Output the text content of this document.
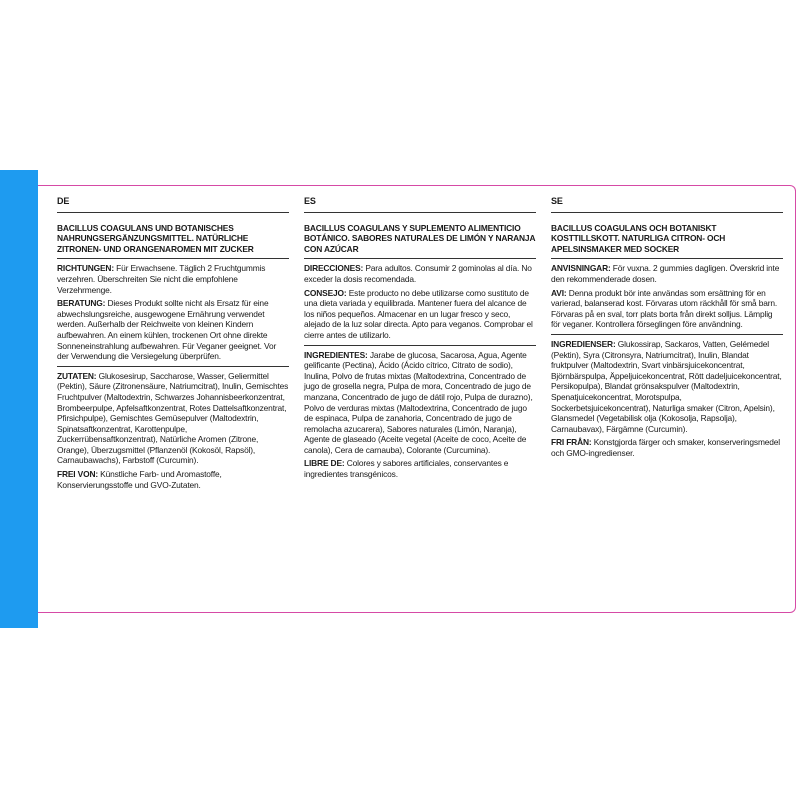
DE
BACILLUS COAGULANS UND BOTANISCHES NAHRUNGSERGÄNZUNGSMITTEL. NATÜRLICHE ZITRONEN- UND ORANGENAROMEN MIT ZUCKER
RICHTUNGEN: Für Erwachsene. Täglich 2 Fruchtgummis verzehren. Überschreiten Sie nicht die empfohlene Verzehrmenge.
BERATUNG: Dieses Produkt sollte nicht als Ersatz für eine abwechslungsreiche, ausgewogene Ernährung verwendet werden. Außerhalb der Reichweite von kleinen Kindern aufbewahren. An einem kühlen, trockenen Ort ohne direkte Sonneneinstrahlung aufbewahren. Für Veganer geeignet. Vor der Verwendung die Versiegelung überprüfen.
ZUTATEN: Glukosesirup, Saccharose, Wasser, Geliermittel (Pektin), Säure (Zitronensäure, Natriumcitrat), Inulin, Gemischtes Fruchtpulver (Maltodextrin, Schwarzes Johannisbeerkonzentrat, Brombeerpulpe, Apfelsaftkonzentrat, Rotes Dattelsaftkonzentrat, Pfirsichpulpe), Gemischtes Gemüsepulver (Maltodextrin, Spinatsaftkonzentrat, Karottenpulpe, Zuckerrübensaftkonzentrat), Natürliche Aromen (Zitrone, Orange), Überzugsmittel (Pflanzenöl (Kokosöl, Rapsöl), Carnaubawachs), Farbstoff (Curcumin).
FREI VON: Künstliche Farb- und Aromastoffe, Konservierungsstoffe und GVO-Zutaten.
ES
BACILLUS COAGULANS Y SUPLEMENTO ALIMENTICIO BOTÁNICO. SABORES NATURALES DE LIMÓN Y NARANJA CON AZÚCAR
DIRECCIONES: Para adultos. Consumir 2 gominolas al día. No exceder la dosis recomendada.
CONSEJO: Este producto no debe utilizarse como sustituto de una dieta variada y equilibrada. Mantener fuera del alcance de los niños pequeños. Almacenar en un lugar fresco y seco, alejado de la luz solar directa. Apto para veganos. Comprobar el cierre antes de utilizarlo.
INGREDIENTES: Jarabe de glucosa, Sacarosa, Agua, Agente gelificante (Pectina), Ácido (Ácido cítrico, Citrato de sodio), Inulina, Polvo de frutas mixtas (Maltodextrina, Concentrado de jugo de grosella negra, Pulpa de mora, Concentrado de jugo de manzana, Concentrado de jugo de dátil rojo, Pulpa de durazno), Polvo de verduras mixtas (Maltodextrina, Concentrado de jugo de espinaca, Pulpa de zanahoria, Concentrado de jugo de remolacha azucarera), Sabores naturales (Limón, Naranja), Agente de glaseado (Aceite vegetal (Aceite de coco, Aceite de canola), Cera de carnauba), Colorante (Curcumina).
LIBRE DE: Colores y sabores artificiales, conservantes e ingredientes transgénicos.
SE
BACILLUS COAGULANS OCH BOTANISKT KOSTTILLSKOTT. NATURLIGA CITRON- OCH APELSINSMAKER MED SOCKER
ANVISNINGAR: För vuxna. 2 gummies dagligen. Överskrid inte den rekommenderade dosen.
AVI: Denna produkt bör inte användas som ersättning för en varierad, balanserad kost. Förvaras utom räckhåll för små barn. Förvaras på en sval, torr plats borta från direkt solljus. Lämplig för veganer. Kontrollera förseglingen före användning.
INGREDIENSER: Glukossirap, Sackaros, Vatten, Gelémedel (Pektin), Syra (Citronsyra, Natriumcitrat), Inulin, Blandat fruktpulver (Maltodextrin, Svart vinbärsjuicekoncentrat, Björnbärspulpa, Äppeljuicekoncentrat, Rött dadeljuicekoncentrat, Persikopulpa), Blandat grönsakspulver (Maltodextrin, Spenatjuicekoncentrat, Morotspulpa, Sockerbetsjuicekoncentrat), Naturliga smaker (Citron, Apelsin), Glansmedel (Vegetabilisk olja (Kokosolja, Rapsolja), Carnaubavax), Färgämne (Curcumin).
FRI FRÅN: Konstgjorda färger och smaker, konserveringsmedel och GMO-ingredienser.
